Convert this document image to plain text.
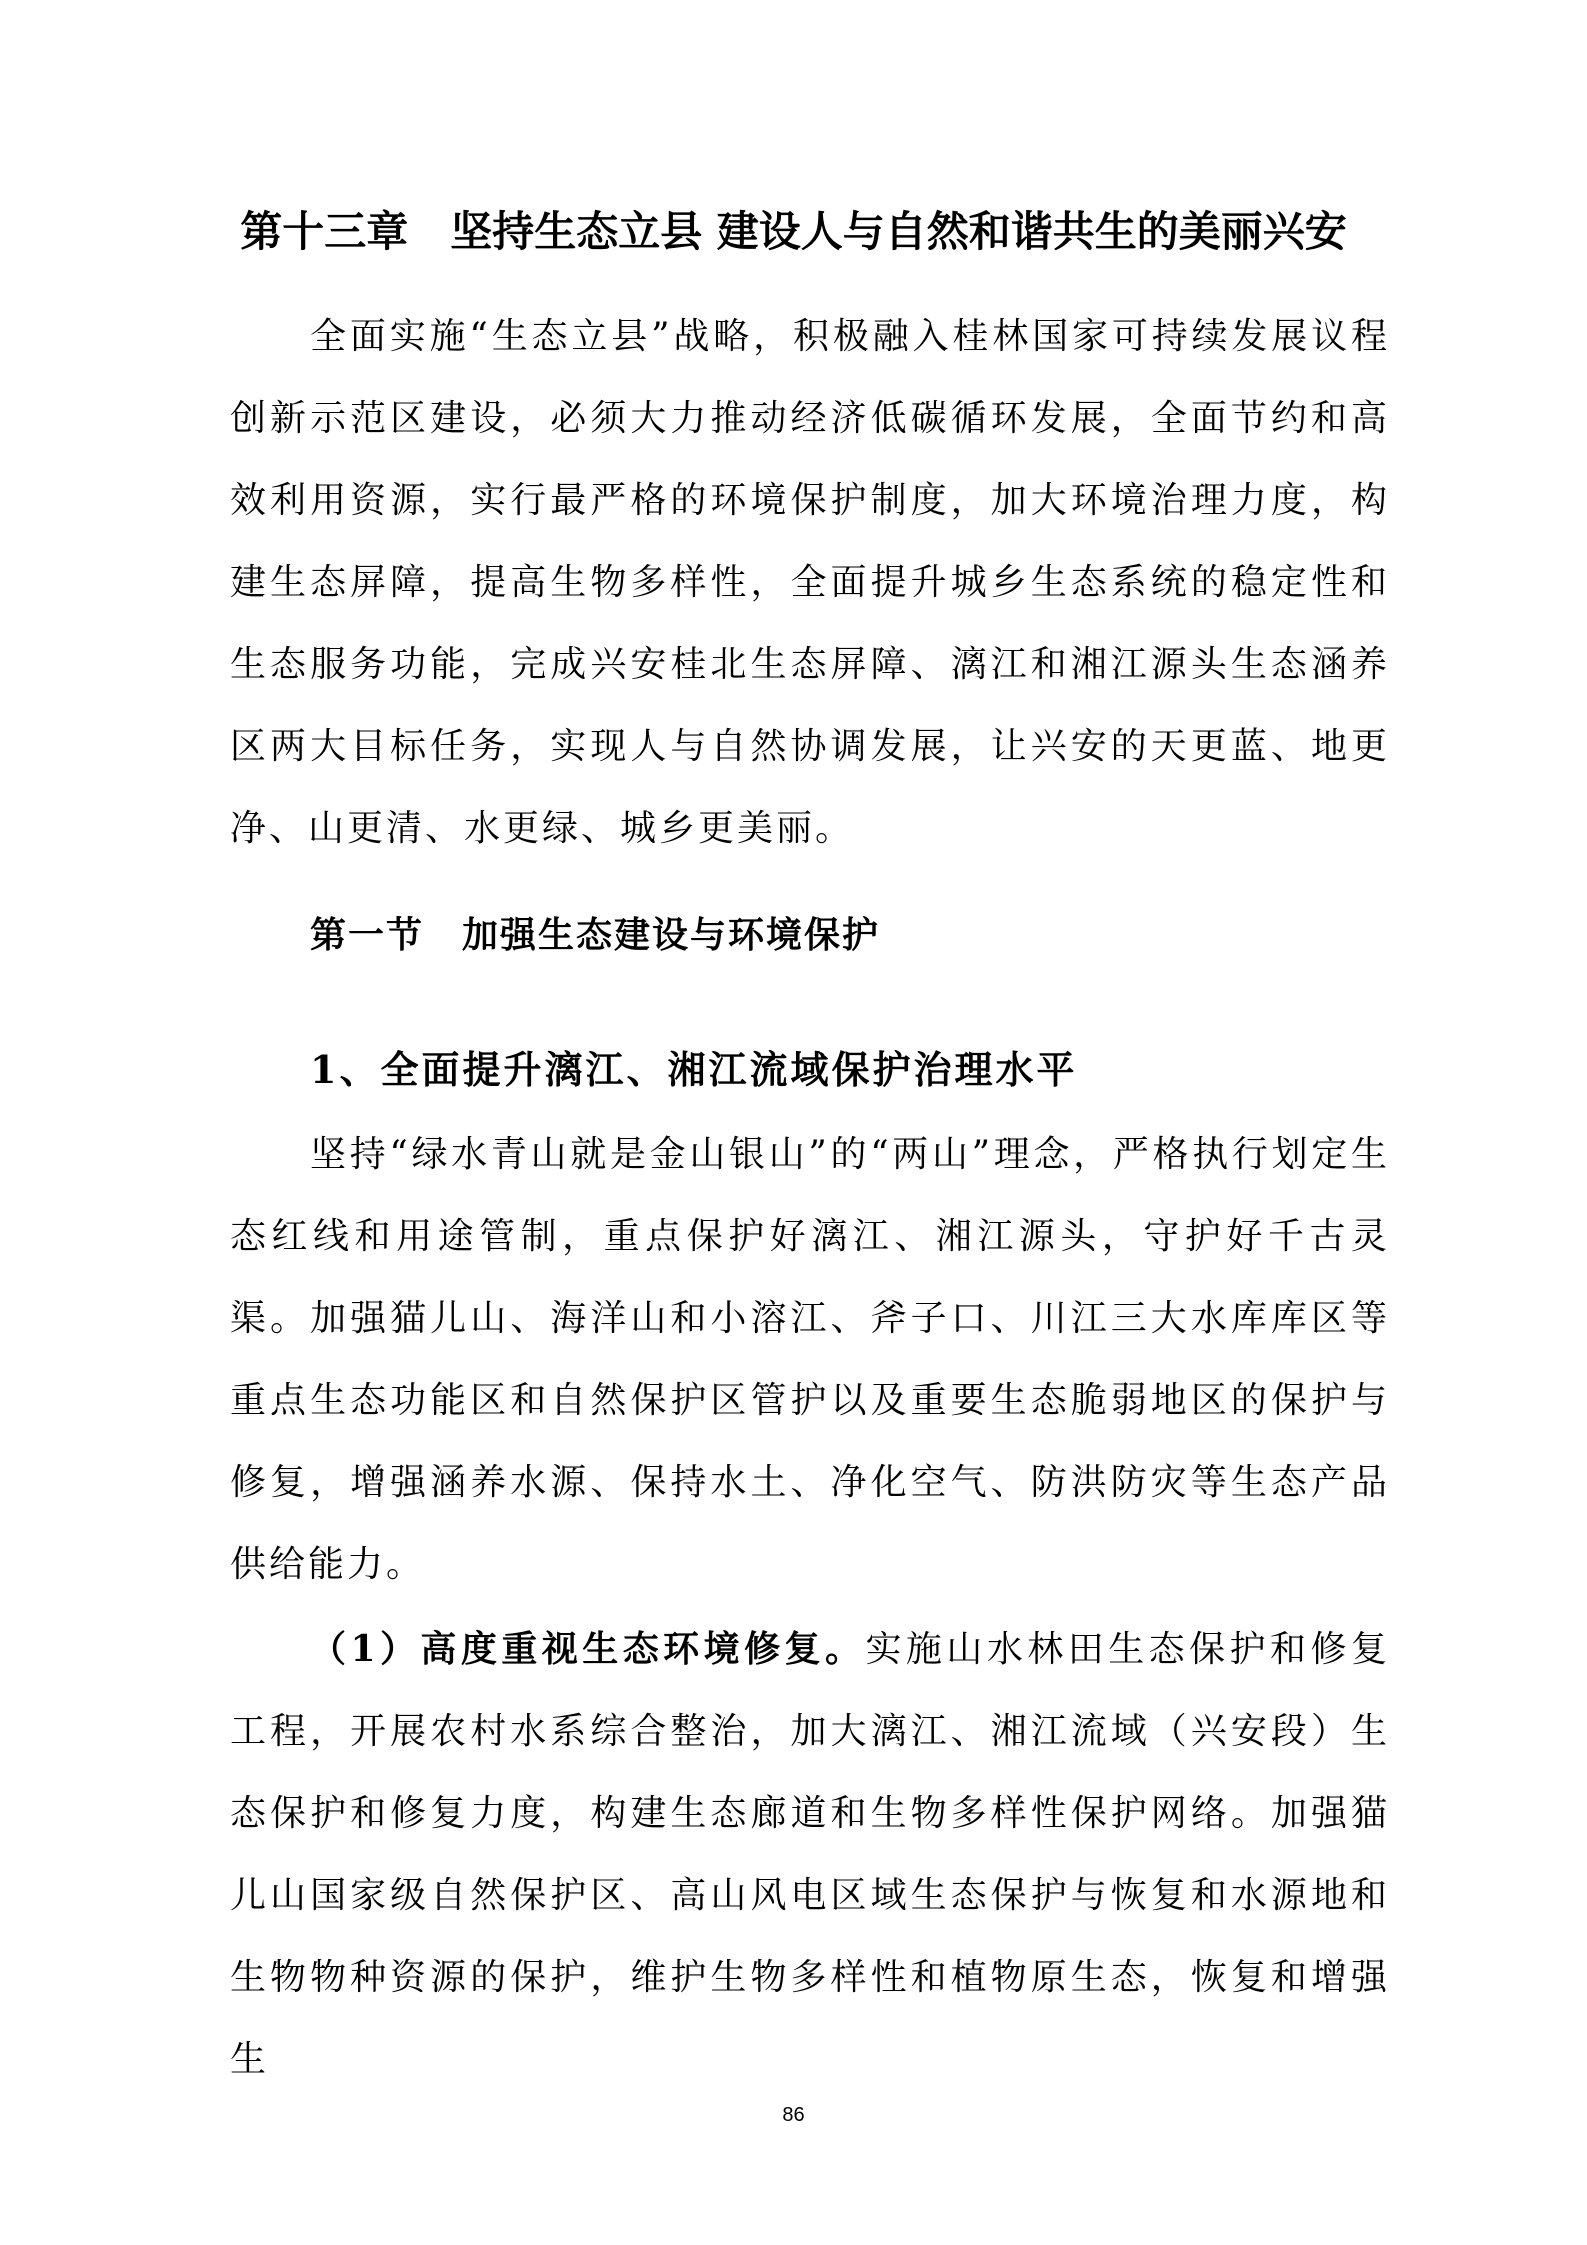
第十三章　坚持生态立县 建设人与自然和谐共生的美丽兴安

全面实施“生态立县”战略，积极融入桂林国家可持续发展议程创新示范区建设，必须大力推动经济低碳循环发展，全面节约和高效利用资源，实行最严格的环境保护制度，加大环境治理力度，构建生态屏障，提高生物多样性，全面提升城乡生态系统的稳定性和生态服务功能，完成兴安桂北生态屏障、漓江和湘江源头生态涵养区两大目标任务，实现人与自然协调发展，让兴安的天更蓝、地更净、山更清、水更绿、城乡更美丽。

第一节　加强生态建设与环境保护
1、全面提升漓江、湘江流域保护治理水平

坚持“绿水青山就是金山银山”的“两山”理念，严格执行划定生态红线和用途管制，重点保护好漓江、湘江源头，守护好千古灵渠。加强猫儿山、海洋山和小溶江、斧子口、川江三大水库库区等重点生态功能区和自然保护区管护以及重要生态脆弱地区的保护与修复，增强涵养水源、保持水土、净化空气、防洪防灾等生态产品供给能力。

（1）高度重视生态环境修复。实施山水林田生态保护和修复工程，开展农村水系综合整治，加大漓江、湘江流域（兴安段）生态保护和修复力度，构建生态廊道和生物多样性保护网络。加强猫儿山国家级自然保护区、高山风电区域生态保护与恢复和水源地和生物物种资源的保护，维护生物多样性和植物原生态，恢复和增强生

86
